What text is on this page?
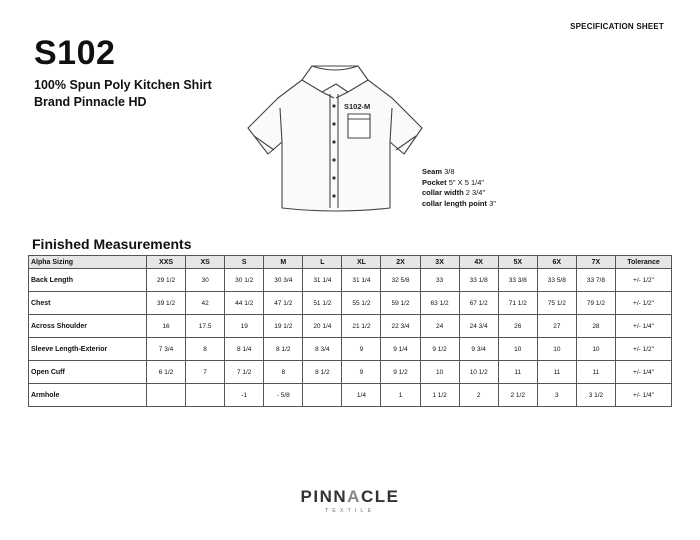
SPECIFICATION SHEET
S102
100% Spun Poly Kitchen Shirt
Brand Pinnacle HD	S102-M
Seam 3/8
Pocket 5" X 5 1/4"
collar width 2 3/4"
collar length point 3"
Finished Measurements
Alpha Sizing	XXS	XS	S	M	L	XL	2X	3X	4X	5X	6X	7X	Tolerance
Back Length	29 1/2	30	30 1/2	30 3/4	31 1/4	31 1/4	32 5/8	33	33 1/8	33 3/8	33 5/8	33 7/8	+/- 1/2"
Chest	39 1/2	42	44 1/2	47 1/2	51 1/2	55 1/2	59 1/2	63 1/2	67 1/2	71 1/2	75 1/2	79 1/2	+/- 1/2"
Across Shoulder	16	17.5	19	19 1/2	20 1/4	21 1/2	22 3/4	24	24 3/4	26	27	28	+/- 1/4"
Sleeve Length-Exterior	7 3/4	8	8 1/4	8 1/2	8 3/4	9	9 1/4	9 1/2	9 3/4	10	10	10	+/- 1/2"
Open Cuff	6 1/2	7	7 1/2	8	8 1/2	9	9 1/2	10	10 1/2	11	11	11	+/- 1/4"
Armhole			-1	- 5/8		1/4	1	1 1/2	2	2 1/2	3	3 1/2	+/- 1/4"
PINNACLE
TEXTILE
